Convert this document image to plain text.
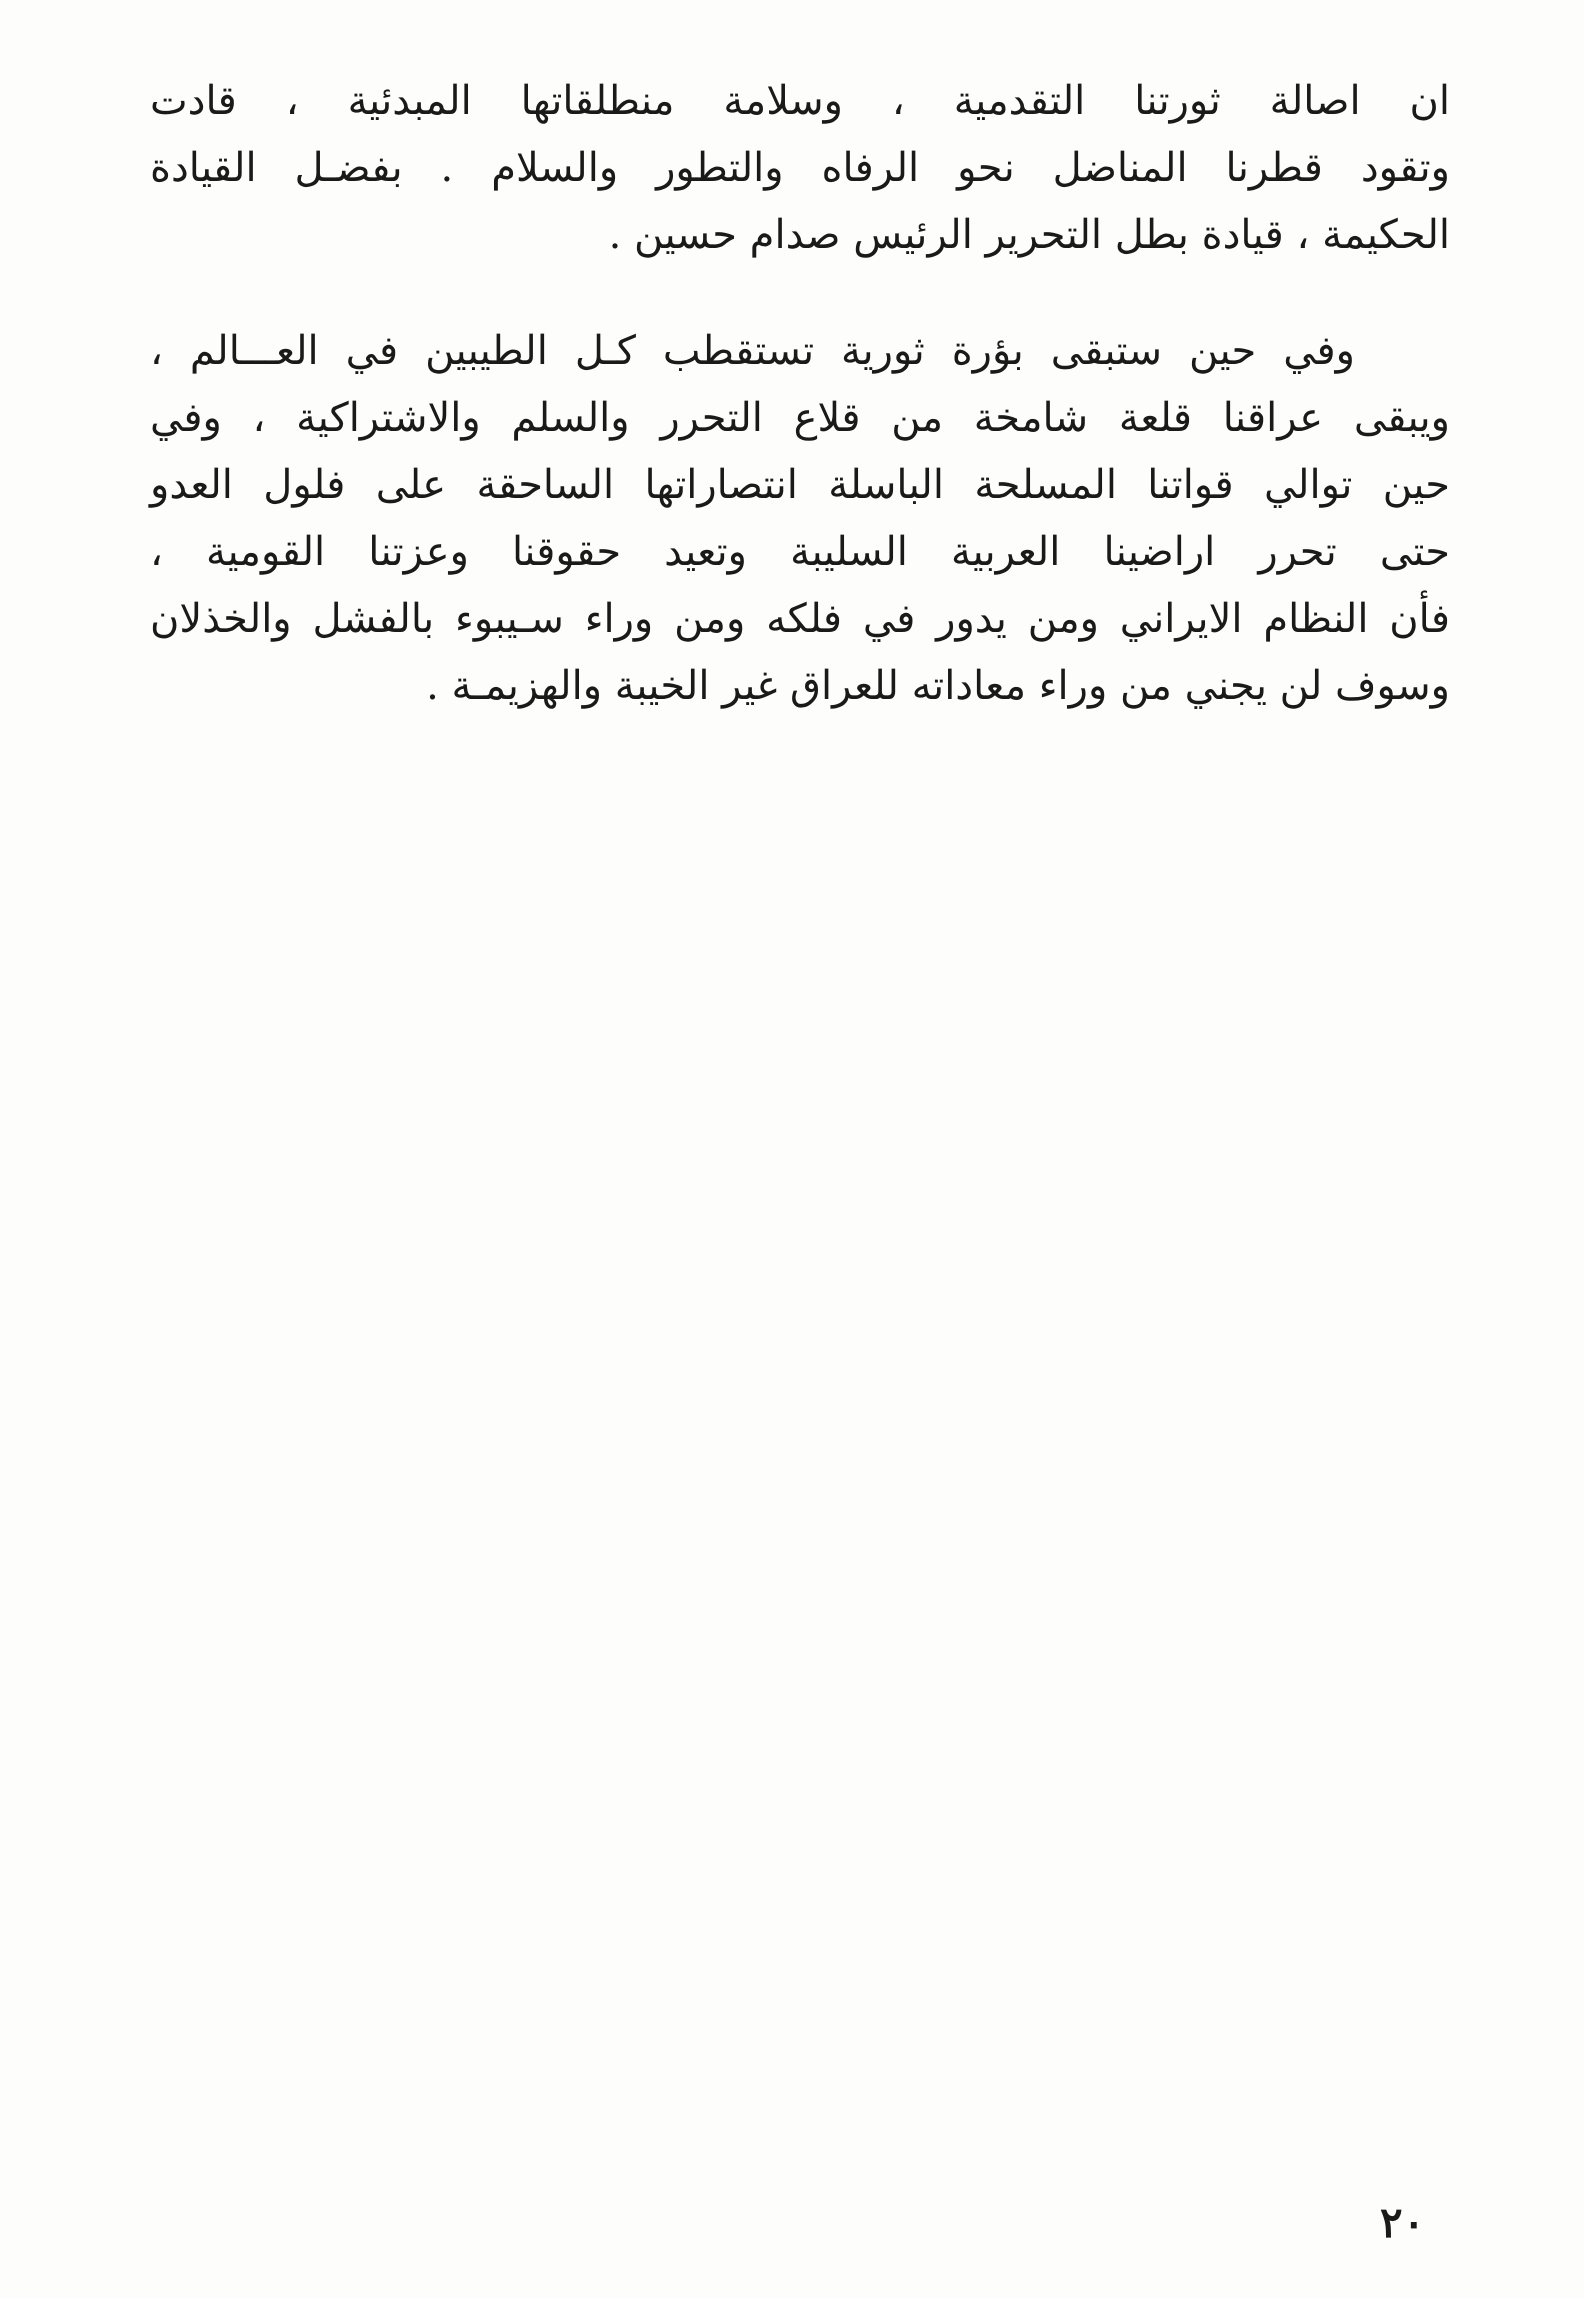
ان اصالة ثورتنا التقدمية ، وسلامة منطلقاتها المبدئية ، قادت
وتقود قطرنا المناضل نحو الرفاه والتطور والسلام . بفضـل القيادة
الحكيمة ، قيادة بطل التحرير الرئيس صدام حسين .
وفي حين ستبقى بؤرة ثورية تستقطب كـل الطيبين في العـــالم ،
ويبقى عراقنا قلعة شامخة من قلاع التحرر والسلم والاشتراكية ، وفي
حين توالي قواتنا المسلحة الباسلة انتصاراتها الساحقة على فلول العدو
حتى تحرر اراضينا العربية السليبة وتعيد حقوقنا وعزتنا القومية ،
فأن النظام الايراني ومن يدور في فلكه ومن وراء سـيبوء بالفشل والخذلان
وسوف لن يجني من وراء معاداته للعراق غير الخيبة والهزيمـة .
٢٠
